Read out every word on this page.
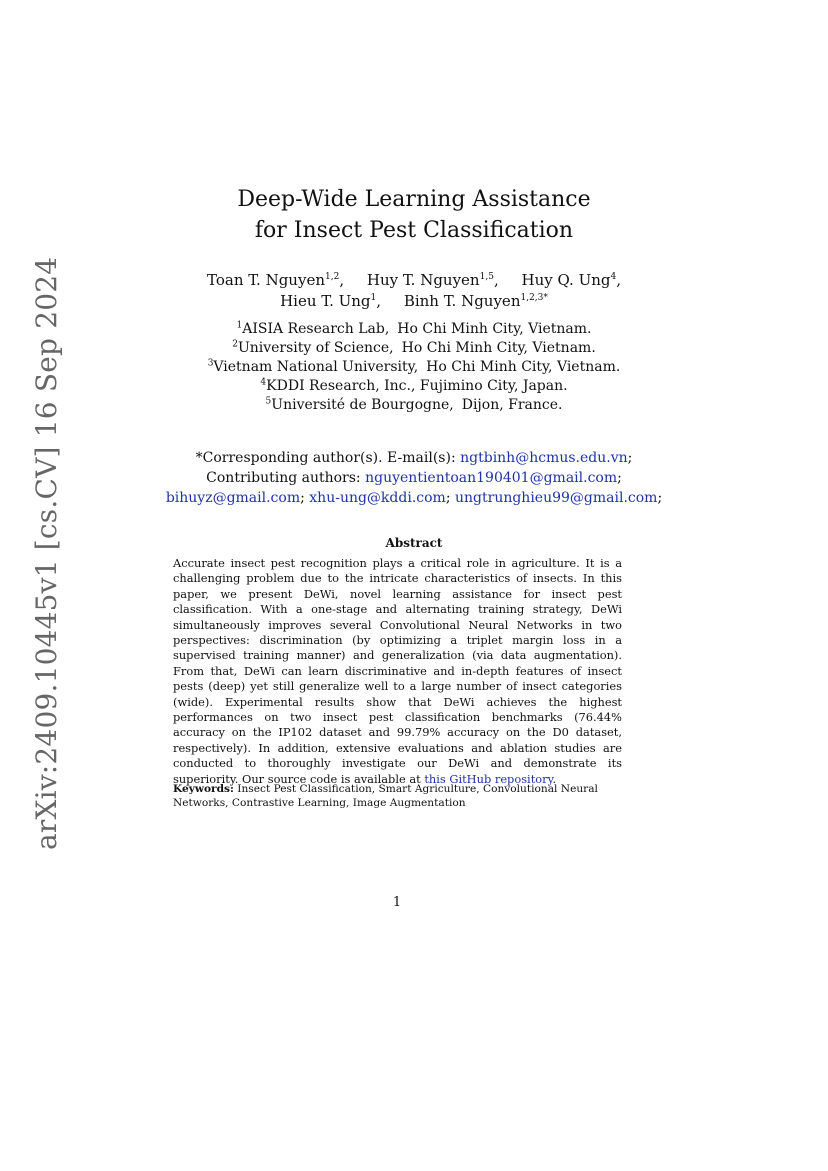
arXiv:2409.10445v1 [cs.CV] 16 Sep 2024
Deep-Wide Learning Assistance
for Insect Pest Classification
Toan T. Nguyen$^{1,2}$, Huy T. Nguyen$^{1,5}$, Huy Q. Ung$^4$,
Hieu T. Ung$^1$, Binh T. Nguyen$^{1,2,3*}$
$^1$AISIA Research Lab, Ho Chi Minh City, Vietnam.
$^2$University of Science, Ho Chi Minh City, Vietnam.
$^3$Vietnam National University, Ho Chi Minh City, Vietnam.
$^4$KDDI Research, Inc., Fujimino City, Japan.
$^5$Université de Bourgogne, Dijon, France.
*Corresponding author(s). E-mail(s): ngtbinh@hcmus.edu.vn;
Contributing authors: nguyentientoan190401@gmail.com;
bihuyz@gmail.com; xhu-ung@kddi.com; ungtrunghieu99@gmail.com;
Abstract
Accurate insect pest recognition plays a critical role in agriculture. It is a challenging problem due to the intricate characteristics of insects. In this paper, we present DeWi, novel learning assistance for insect pest classification. With a one-stage and alternating training strategy, DeWi simultaneously improves several Convolutional Neural Networks in two perspectives: discrimination (by optimizing a triplet margin loss in a supervised training manner) and generalization (via data augmentation). From that, DeWi can learn discriminative and in-depth features of insect pests (deep) yet still generalize well to a large number of insect categories (wide). Experimental results show that DeWi achieves the highest performances on two insect pest classification benchmarks (76.44% accuracy on the IP102 dataset and 99.79% accuracy on the D0 dataset, respectively). In addition, extensive evaluations and ablation studies are conducted to thoroughly investigate our DeWi and demonstrate its superiority. Our source code is available at this GitHub repository.
Keywords: Insect Pest Classification, Smart Agriculture, Convolutional Neural Networks, Contrastive Learning, Image Augmentation
1
